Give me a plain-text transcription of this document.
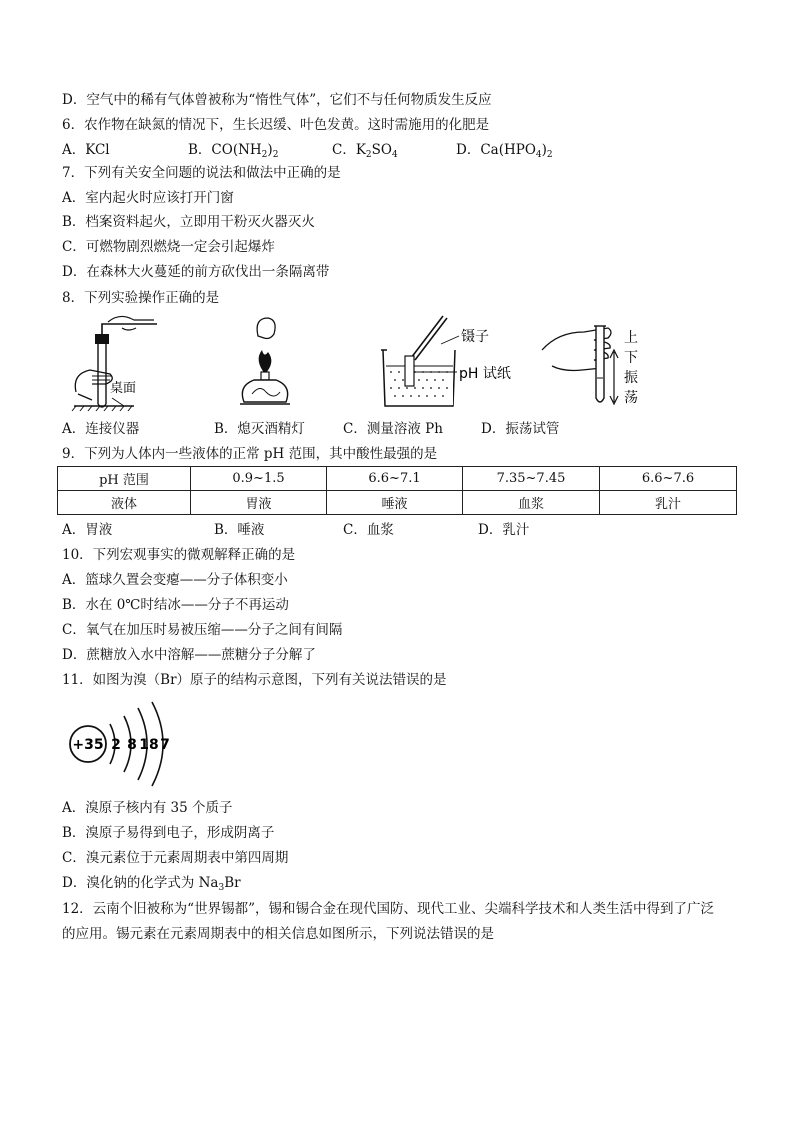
D．空气中的稀有气体曾被称为“惰性气体”，它们不与任何物质发生反应
6．农作物在缺氮的情况下，生长迟缓、叶色发黄。这时需施用的化肥是
A．KCl	B．$CO(NH_2)_2$	C．$K_2SO_4$	D．$Ca(HPO_4)_2$
7．下列有关安全问题的说法和做法中正确的是
A．室内起火时应该打开门窗
B．档案资料起火，立即用干粉灭火器灭火
C．可燃物剧烈燃烧一定会引起爆炸
D．在森林大火蔓延的前方砍伐出一条隔离带
8．下列实验操作正确的是
桌面
镊子
pH 试纸
上
下
振
荡
A．连接仪器	B．熄灭酒精灯	C．测量溶液 Ph	D．振荡试管
9．下列为人体内一些液体的正常 pH 范围，其中酸性最强的是
pH 范围	0.9~1.5	6.6~7.1	7.35~7.45	6.6~7.6
液体	胃液	唾液	血浆	乳汁
A．胃液	B．唾液	C．血浆	D．乳汁
10．下列宏观事实的微观解释正确的是
A．篮球久置会变瘪——分子体积变小
B．水在 0℃时结冰——分子不再运动
C．氧气在加压时易被压缩——分子之间有间隔
D．蔗糖放入水中溶解——蔗糖分子分解了
11．如图为溴（Br）原子的结构示意图，下列有关说法错误的是
+35 2 8 18 7
A．溴原子核内有 35 个质子
B．溴原子易得到电子，形成阴离子
C．溴元素位于元素周期表中第四周期
D．溴化钠的化学式为 $Na_3Br$
12．云南个旧被称为“世界锡都”，锡和锡合金在现代国防、现代工业、尖端科学技术和人类生活中得到了广泛
的应用。锡元素在元素周期表中的相关信息如图所示，下列说法错误的是
